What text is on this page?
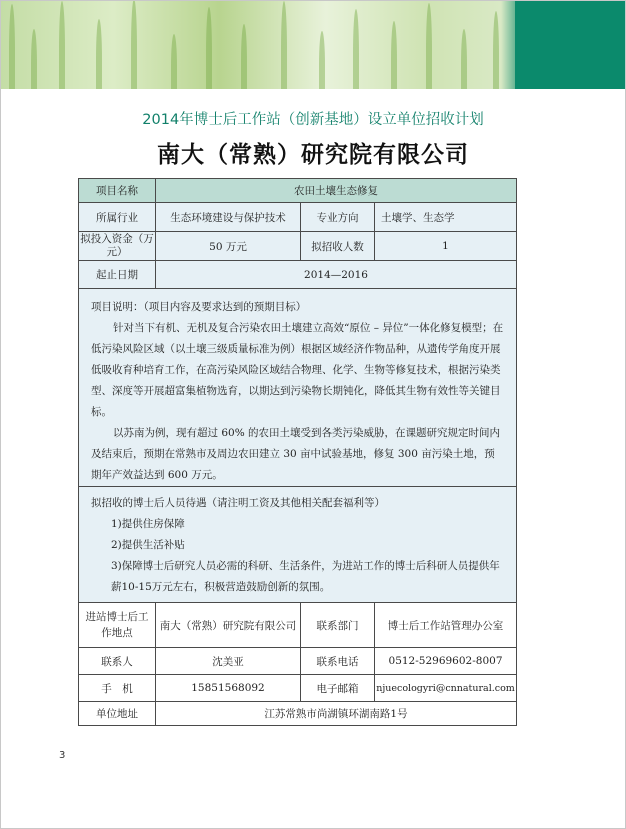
2014年博士后工作站（创新基地）设立单位招收计划
南大（常熟）研究院有限公司
项目名称	农田土壤生态修复		
所属行业	生态环境建设与保护技术	专业方向	土壤学、生态学
拟投入资金（万元）	50 万元	拟招收人数	1
起止日期	2014—2016		

项目说明：（项目内容及要求达到的预期目标）

针对当下有机、无机及复合污染农田土壤建立高效“原位 – 异位”一体化修复模型；在低污染风险区域（以土壤三级质量标准为例）根据区域经济作物品种，从遗传学角度开展低吸收育种培育工作，在高污染风险区域结合物理、化学、生物等修复技术，根据污染类型、深度等开展超富集植物选育，以期达到污染物长期钝化，降低其生物有效性等关键目标。

以苏南为例，现有超过 60% 的农田土壤受到各类污染威胁，在课题研究规定时间内及结束后，预期在常熟市及周边农田建立 30 亩中试验基地，修复 300 亩污染土地，预期年产效益达到 600 万元。			

拟招收的博士后人员待遇（请注明工资及其他相关配套福利等）

1)提供住房保障

2)提供生活补贴

3)保障博士后研究人员必需的科研、生活条件，为进站工作的博士后科研人员提供年薪10-15万元左右，积极营造鼓励创新的氛围。			

进站博士后工作地点	南大（常熟）研究院有限公司	联系部门	博士后工作站管理办公室
联系人	沈美亚	联系电话	0512-52969602-8007
手　机	15851568092	电子邮箱	njuecologyri@cnnatural.com
单位地址	江苏常熟市尚湖镇环湖南路1号		
3
